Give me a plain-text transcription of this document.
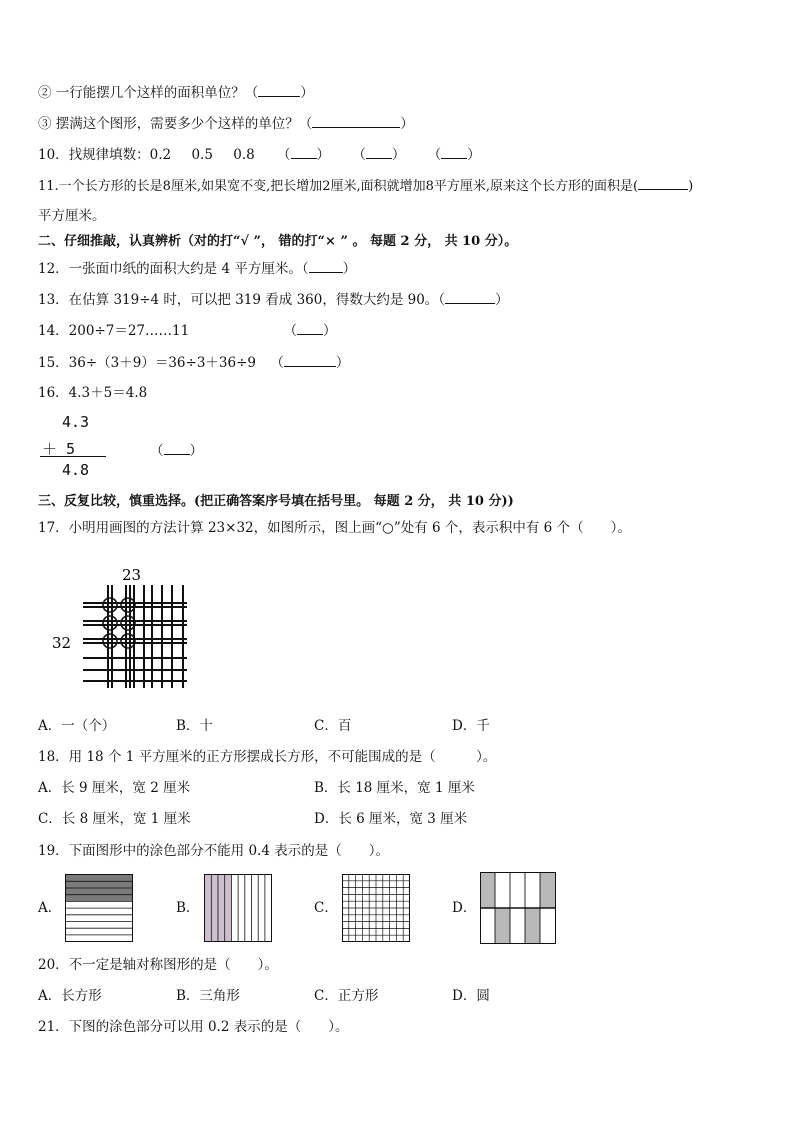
② 一行能摆几个这样的面积单位？（	）
③ 摆满这个图形，需要多少个这样的单位？（	）
10．找规律填数：0.2 0.5 0.8 （ ） （ ） （ ）
11.一个长方形的长是8厘米,如果宽不变,把长增加2厘米,面积就增加8平方厘米,原来这个长方形的面积是(	)
平方厘米。
二、仔细推敲，认真辨析（对的打“√ ”， 错的打“× ” 。 每题 2 分， 共 10 分）。
12．一张面巾纸的面积大约是 4 平方厘米。（	）
13．在估算 319÷4 时，可以把 319 看成 360，得数大约是 90。（	）
14．200÷7＝27……11	（ ）
15．36÷（3＋9）＝36÷3＋36÷9 （	）
16．4.3＋5＝4.8
4.3
＋ 5
4.8
（ ）
三、反复比较，慎重选择。(把正确答案序号填在括号里。 每题 2 分， 共 10 分))
17．小明用画图的方法计算 23×32，如图所示，图上画“○”处有 6 个，表示积中有 6 个（　　）。
23
32
A．一（个）	B．十	C．百	D．千
18．用 18 个 1 平方厘米的正方形摆成长方形，不可能围成的是（　　　）。
A．长 9 厘米，宽 2 厘米	B．长 18 厘米，宽 1 厘米
C．长 8 厘米，宽 1 厘米	D．长 6 厘米，宽 3 厘米
19．下面图形中的涂色部分不能用 0.4 表示的是（　　）。
A．	B．	C．	D．
20．不一定是轴对称图形的是（　　）。
A．长方形	B．三角形	C．正方形	D．圆
21．下图的涂色部分可以用 0.2 表示的是（　　）。
